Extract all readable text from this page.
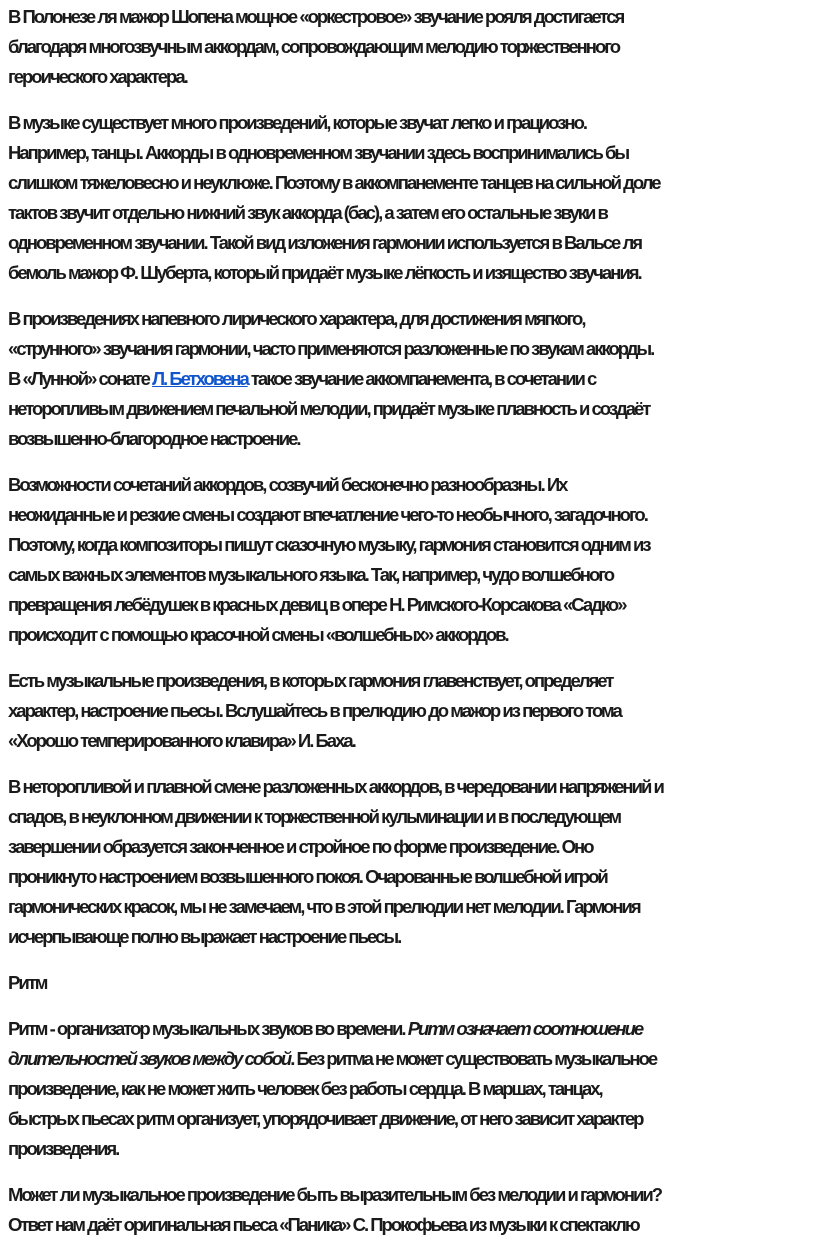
В Полонезе ля мажор Шопена мощное «оркестровое» звучание рояля достигается
благодаря многозвучным аккордам, сопровождающим мелодию торжественного
героического характера.

В музыке существует много произведений, которые звучат легко и грациозно.
Например, танцы. Аккорды в одновременном звучании здесь воспринимались бы
слишком тяжеловесно и неуклюже. Поэтому в аккомпанементе танцев на сильной доле
тактов звучит отдельно нижний звук аккорда (бас), а затем его остальные звуки в
одновременном звучании. Такой вид изложения гармонии используется в Вальсе ля
бемоль мажор Ф. Шуберта, который придаёт музыке лёгкость и изящество звучания.

В произведениях напевного лирического характера, для достижения мягкого,
«струнного» звучания гармонии, часто применяются разложенные по звукам аккорды.
В «Лунной» сонате Л. Бетховена такое звучание аккомпанемента, в сочетании с
неторопливым движением печальной мелодии, придаёт музыке плавность и создаёт
возвышенно-благородное настроение.

Возможности сочетаний аккордов, созвучий бесконечно разнообразны. Их
неожиданные и резкие смены создают впечатление чего-то необычного, загадочного.
Поэтому, когда композиторы пишут сказочную музыку, гармония становится одним из
самых важных элементов музыкального языка. Так, например, чудо волшебного
превращения лебёдушек в красных девиц в опере Н. Римского-Корсакова «Садко»
происходит с помощью красочной смены «волшебных» аккордов.

Есть музыкальные произведения, в которых гармония главенствует, определяет
характер, настроение пьесы. Вслушайтесь в прелюдию до мажор из первого тома
«Хорошо темперированного клавира» И. Баха.

В неторопливой и плавной смене разложенных аккордов, в чередовании напряжений и
спадов, в неуклонном движении к торжественной кульминации и в последующем
завершении образуется законченное и стройное по форме произведение. Оно
проникнуто настроением возвышенного покоя. Очарованные волшебной игрой
гармонических красок, мы не замечаем, что в этой прелюдии нет мелодии. Гармония
исчерпывающе полно выражает настроение пьесы.

Ритм

Ритм - организатор музыкальных звуков во времени. Ритм означает соотношение
длительностей звуков между собой. Без ритма не может существовать музыкальное
произведение, как не может жить человек без работы сердца. В маршах, танцах,
быстрых пьесах ритм организует, упорядочивает движение, от него зависит характер
произведения.

Может ли музыкальное произведение быть выразительным без мелодии и гармонии?
Ответ нам даёт оригинальная пьеса «Паника» С. Прокофьева из музыки к спектаклю
